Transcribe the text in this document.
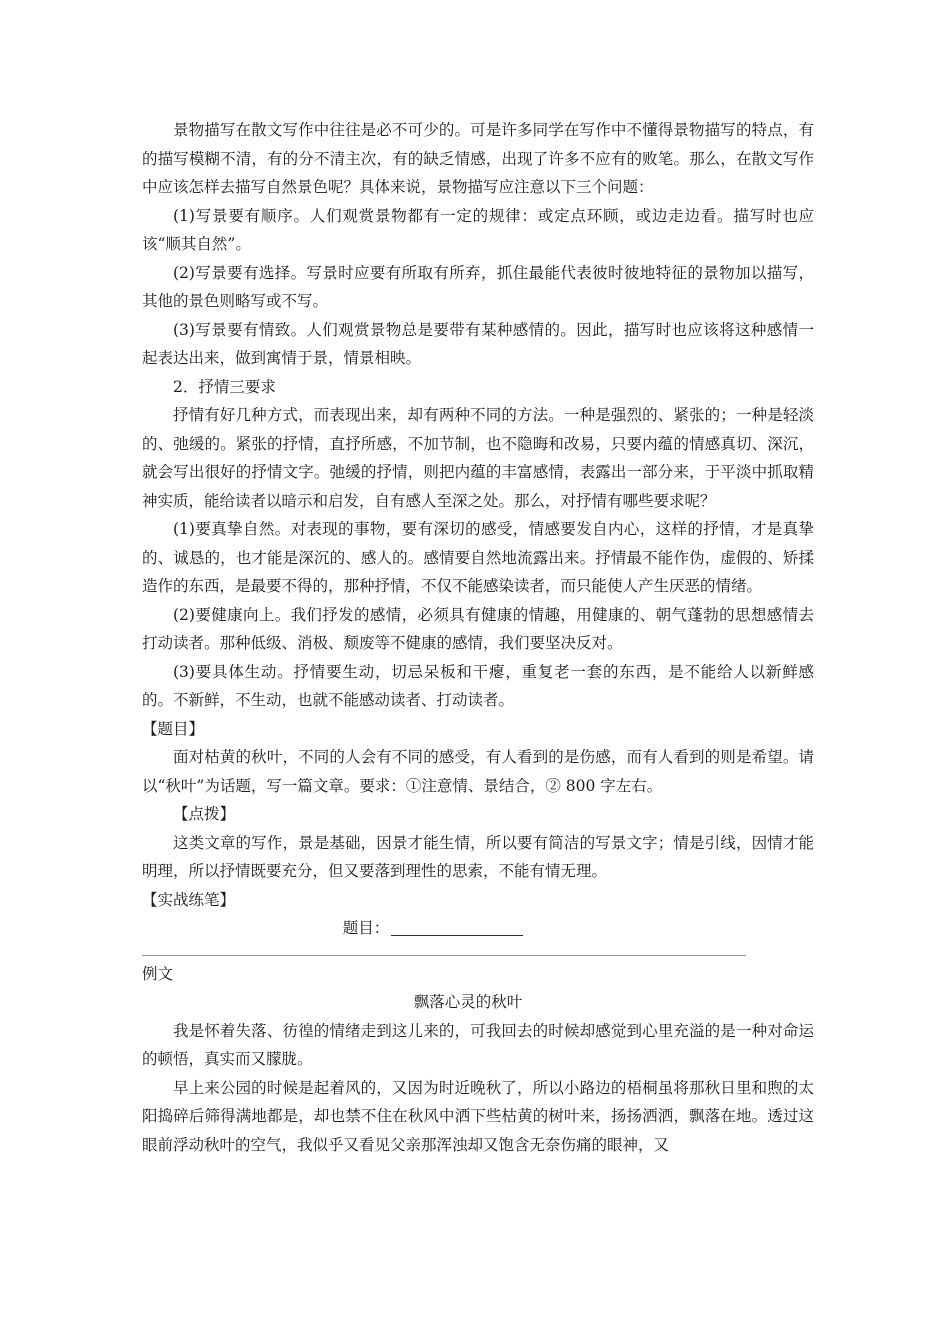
景物描写在散文写作中往往是必不可少的。可是许多同学在写作中不懂得景物描写的特点，有的描写模糊不清，有的分不清主次，有的缺乏情感，出现了许多不应有的败笔。那么，在散文写作中应该怎样去描写自然景色呢？具体来说，景物描写应注意以下三个问题：

(1)写景要有顺序。人们观赏景物都有一定的规律：或定点环顾，或边走边看。描写时也应该“顺其自然”。

(2)写景要有选择。写景时应要有所取有所弃，抓住最能代表彼时彼地特征的景物加以描写，其他的景色则略写或不写。

(3)写景要有情致。人们观赏景物总是要带有某种感情的。因此，描写时也应该将这种感情一起表达出来，做到寓情于景，情景相映。

2．抒情三要求

抒情有好几种方式，而表现出来，却有两种不同的方法。一种是强烈的、紧张的；一种是轻淡的、弛缓的。紧张的抒情，直抒所感，不加节制，也不隐晦和改易，只要内蕴的情感真切、深沉，就会写出很好的抒情文字。弛缓的抒情，则把内蕴的丰富感情，表露出一部分来，于平淡中抓取精神实质，能给读者以暗示和启发，自有感人至深之处。那么，对抒情有哪些要求呢？

(1)要真挚自然。对表现的事物，要有深切的感受，情感要发自内心，这样的抒情，才是真挚的、诚恳的，也才能是深沉的、感人的。感情要自然地流露出来。抒情最不能作伪，虚假的、矫揉造作的东西，是最要不得的，那种抒情，不仅不能感染读者，而只能使人产生厌恶的情绪。

(2)要健康向上。我们抒发的感情，必须具有健康的情趣，用健康的、朝气蓬勃的思想感情去打动读者。那种低级、消极、颓废等不健康的感情，我们要坚决反对。

(3)要具体生动。抒情要生动，切忌呆板和干瘪，重复老一套的东西，是不能给人以新鲜感的。不新鲜，不生动，也就不能感动读者、打动读者。

【题目】

面对枯黄的秋叶，不同的人会有不同的感受，有人看到的是伤感，而有人看到的则是希望。请以“秋叶”为话题，写一篇文章。要求：①注意情、景结合，② 800 字左右。

【点拨】

这类文章的写作，景是基础，因景才能生情，所以要有简洁的写景文字；情是引线，因情才能明理，所以抒情既要充分，但又要落到理性的思索，不能有情无理。

【实战练笔】

题目：

例文

飘落心灵的秋叶

我是怀着失落、彷徨的情绪走到这儿来的，可我回去的时候却感觉到心里充溢的是一种对命运的顿悟，真实而又朦胧。

早上来公园的时候是起着风的，又因为时近晚秋了，所以小路边的梧桐虽将那秋日里和煦的太阳捣碎后筛得满地都是，却也禁不住在秋风中洒下些枯黄的树叶来，扬扬洒洒，飘落在地。透过这眼前浮动秋叶的空气，我似乎又看见父亲那浑浊却又饱含无奈伤痛的眼神，又
